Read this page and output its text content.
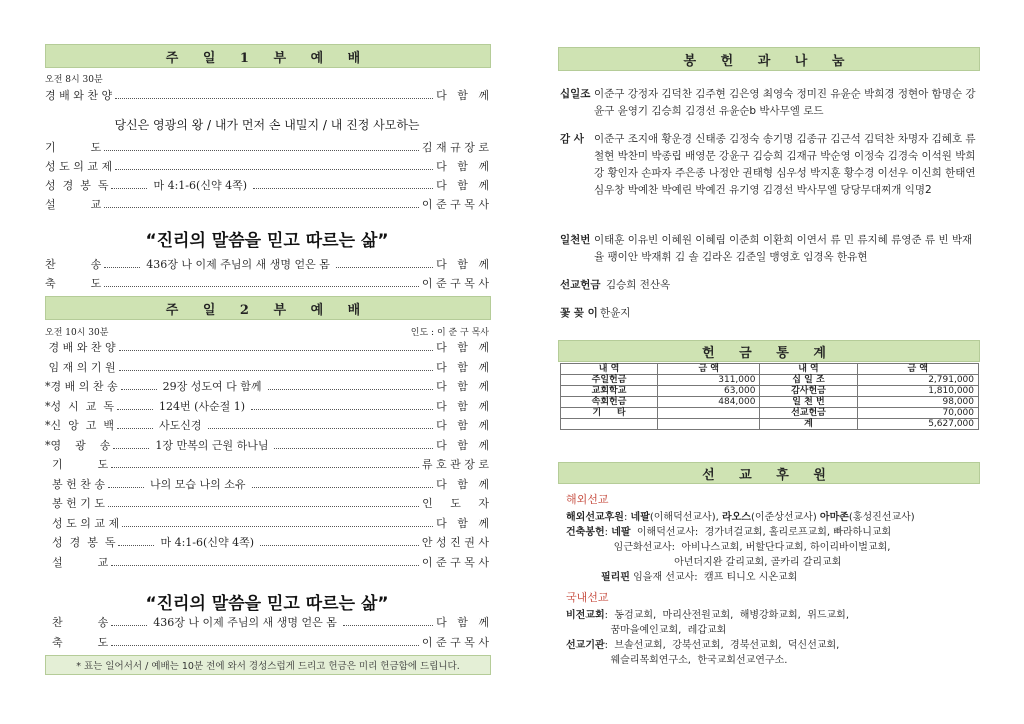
주 일 1 부 예 배
오전 8시 30분
경 배 와 찬 양	다   함   께
기          도	김 재 규 장 로
성 도 의 교 제	다   함   께
성  경  봉  독	마 4:1-6(신약 4쪽)	다   함   께
설          교	이 준 구 목 사
찬          송	436장 나 이제 주님의 새 생명 얻은 몸	다   함   께
축          도	이 준 구 목 사
경 배 와 찬 양	다   함   께
임 재 의 기 원	다   함   께
*경 배 의 찬 송	29장 성도여 다 함께	다   함   께
*성  시  교  독	124번 (사순절 1)	다   함   께
*신  앙  고  백	사도신경	다   함   께
*영    광    송	1장 만복의 근원 하나님	다   함   께
기          도	류 호 관 장 로
봉 헌 찬 송	나의 모습 나의 소유	다   함   께
봉 헌 기 도	인     도     자
성 도 의 교 제	다   함   께
성  경  봉  독	마 4:1-6(신약 4쪽)	안 성 진 권 사
설          교	이 준 구 목 사
찬          송	436장 나 이제 주님의 새 생명 얻은 몸	다   함   께
축          도	이 준 구 목 사
당신은 영광의 왕 / 내가 먼저 손 내밀지 / 내 진정 사모하는
“진리의 말씀을 믿고 따르는 삶”
주 일 2 부 예 배
오전 10시 30분	인도 : 이 준 구 목사
“진리의 말씀을 믿고 따르는 삶”
* 표는 일어서서 / 예배는 10분 전에 와서 경성스럽게 드리고 헌금은 미리 헌금함에 드립니다.
봉 헌 과 나 눔
십일조 이준구 강정자 김덕찬 김주현 김은영 최영숙 정미진 유윤순 박희경 정현아 함명순 강윤구 윤영기 김승희 김경선 유윤순b 박사무엘 로드
감 사 이준구 조지애 황운경 신태종 김정숙 송기명 김종규 김근석 김덕찬 차명자 김혜호 류철현 박찬미 박종립 배영문 강윤구 김승희 김재규 박순영 이정숙 김경숙 이석원 박희강 황인자 손파자 주은종 나정안 권태형 심우성 박지훈 황수경 이선우 이신희 한태연 심우창 박예찬 박예린 박예건 유기영 김경선 박사무엘 당당무대찌개 익명2
일천번 이태훈 이유빈 이혜원 이혜림 이준희 이환희 이연서 류 민 류지혜 류영준 류 빈 박재율 팽이안 박재휘 김 솔 김라온 김준일 맹영호 임경옥 한유현
선교헌금 김승희 전산옥
꽃 꽂 이 한윤지
헌 금 통 계
내 역	금 액	내 역	금 액
주일헌금	311,000	십 일 조	2,791,000
교회학교	63,000	감사헌금	1,810,000
속회헌금	484,000	일 천 번	98,000
기     타		선교헌금	70,000
		계	5,627,000
선 교 후 원
해외선교
해외선교후원: 네팔(이해덕선교사), 라오스(이준상선교사) 아마존(홍성진선교사)
건축봉헌: 네팔  이해덕선교사:  경가녀걸교회, 홀리로프교회, 빠라하니교회
임근화선교사:  아비나스교회, 버할단다교회, 하이리바이벌교회,
아년더지완 갈리교회, 골카리 갈리교회
필리핀 임을재 선교사:  캠프 티니오 시온교회
국내선교
비전교회:  동검교회,  마리산전원교회,  해병강화교회,  위드교회,
꿈마을예인교회,  레갑교회
선교기관:  브솔선교회,  강북선교회,  경북선교회,  덕신선교회,
웨슬리목회연구소,  한국교회선교연구소.
